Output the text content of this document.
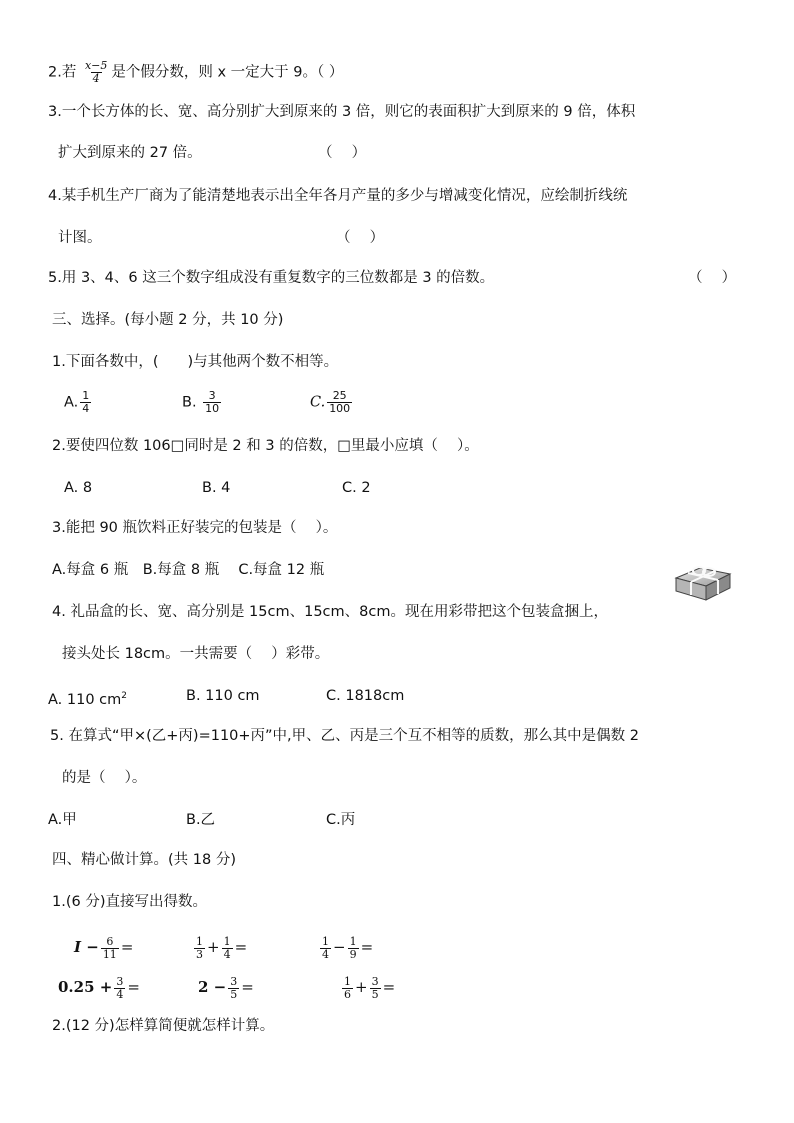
2.若 $\frac{x-5}{4}$ 是个假分数，则 x 一定大于 9。（ ）
3.一个长方体的长、宽、高分别扩大到原来的 3 倍，则它的表面积扩大到原来的 9 倍，体积
扩大到原来的 27 倍。	（　 ）
4.某手机生产厂商为了能清楚地表示出全年各月产量的多少与增减变化情况，应绘制折线统
计图。	（　 ）
5.用 3、4、6 这三个数字组成没有重复数字的三位数都是 3 的倍数。	（　 ）
三、选择。(每小题 2 分，共 10 分)
1.下面各数中，(　　)与其他两个数不相等。
A. $\frac{1}{4}$	B. $\frac{3}{10}$	C. $\frac{25}{100}$
2.要使四位数 106□同时是 2 和 3 的倍数，□里最小应填（　 ）。
A. 8	B. 4	C. 2
3.能把 90 瓶饮料正好装完的包装是（　 ）。
A.每盒 6 瓶　B.每盒 8 瓶　 C.每盒 12 瓶
4. 礼品盒的长、宽、高分别是 15cm、15cm、8cm。现在用彩带把这个包装盒捆上，
接头处长 18cm。一共需要（　 ）彩带。
A. 110 $cm^2$	B. 110 cm	C. 1818cm
5. 在算式“甲×(乙+丙)=110+丙”中,甲、乙、丙是三个互不相等的质数，那么其中是偶数 2
的是（　 ）。
A.甲	B.乙	C.丙
四、精心做计算。(共 18 分)
1.(6 分)直接写出得数。
$I - \frac{6}{11}$ =	$\frac{1}{3} + \frac{1}{4}$ =	$\frac{1}{4} - \frac{1}{9}$ =
$0.25 + \frac{3}{4}$ =	$2 - \frac{3}{5}$ =	$\frac{1}{6} + \frac{3}{5}$ =
2.(12 分)怎样算简便就怎样计算。
